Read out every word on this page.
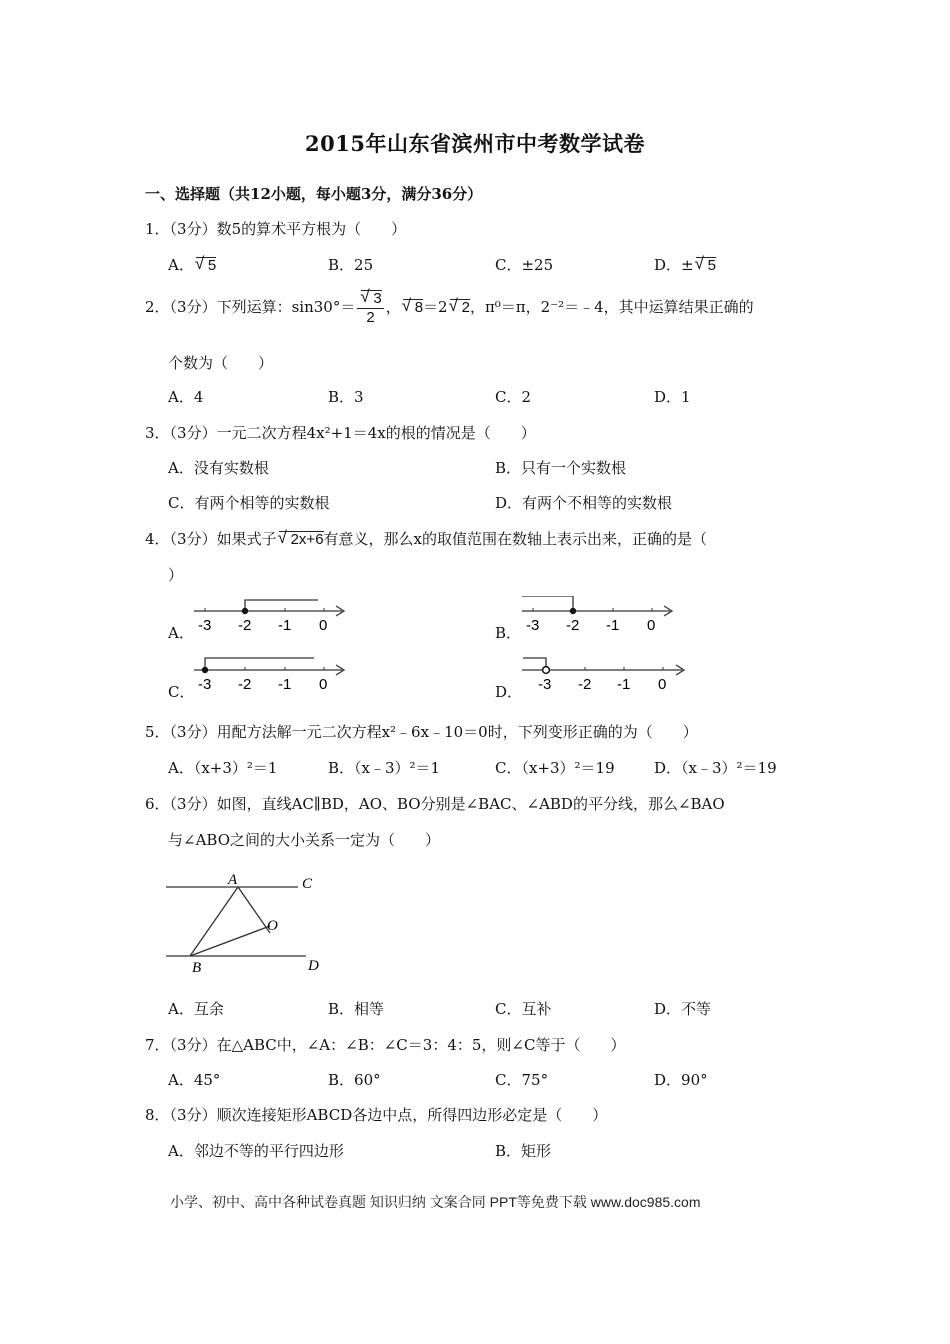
2015年山东省滨州市中考数学试卷
一、选择题（共12小题，每小题3分，满分36分）
1．（3分）数5的算术平方根为（　　）
A． √ 5	B．25	C．±25	D．± √ 5
2．（3分）下列运算：sin30°＝ √ $\frac{3}{2}$ ， √ 8＝2 √ 2，π⁰＝π，2⁻²＝﹣4，其中运算结果正确的
个数为（　　）
A．4	B．3	C．2	D．1
3．（3分）一元二次方程4x²+1＝4x的根的情况是（　　）
A．没有实数根	B．只有一个实数根
C．有两个相等的实数根	D．有两个不相等的实数根
4．（3分）如果式子 √ 2x+6有意义，那么x的取值范围在数轴上表示出来，正确的是（
）
A．	B．
C．	D．
-3 -2 -1 0	-3 -2 -1 0
-3 -2 -1 0	-3 -2 -1 0
5．（3分）用配方法解一元二次方程x²﹣6x﹣10＝0时，下列变形正确的为（　　）
A．（x+3）²＝1	B．（x﹣3）²＝1	C．（x+3）²＝19	D．（x﹣3）²＝19
6．（3分）如图，直线AC∥BD，AO、BO分别是∠BAC、∠ABD的平分线，那么∠BAO
与∠ABO之间的大小关系一定为（　　）
A	C
O
B	D
A．互余	B．相等	C．互补	D．不等
7．（3分）在△ABC中，∠A：∠B：∠C＝3：4：5，则∠C等于（　　）
A．45°	B．60°	C．75°	D．90°
8．（3分）顺次连接矩形ABCD各边中点，所得四边形必定是（　　）
A．邻边不等的平行四边形	B．矩形
小学、初中、高中各种试卷真题 知识归纳 文案合同 PPT等免费下载 www.doc985.com
